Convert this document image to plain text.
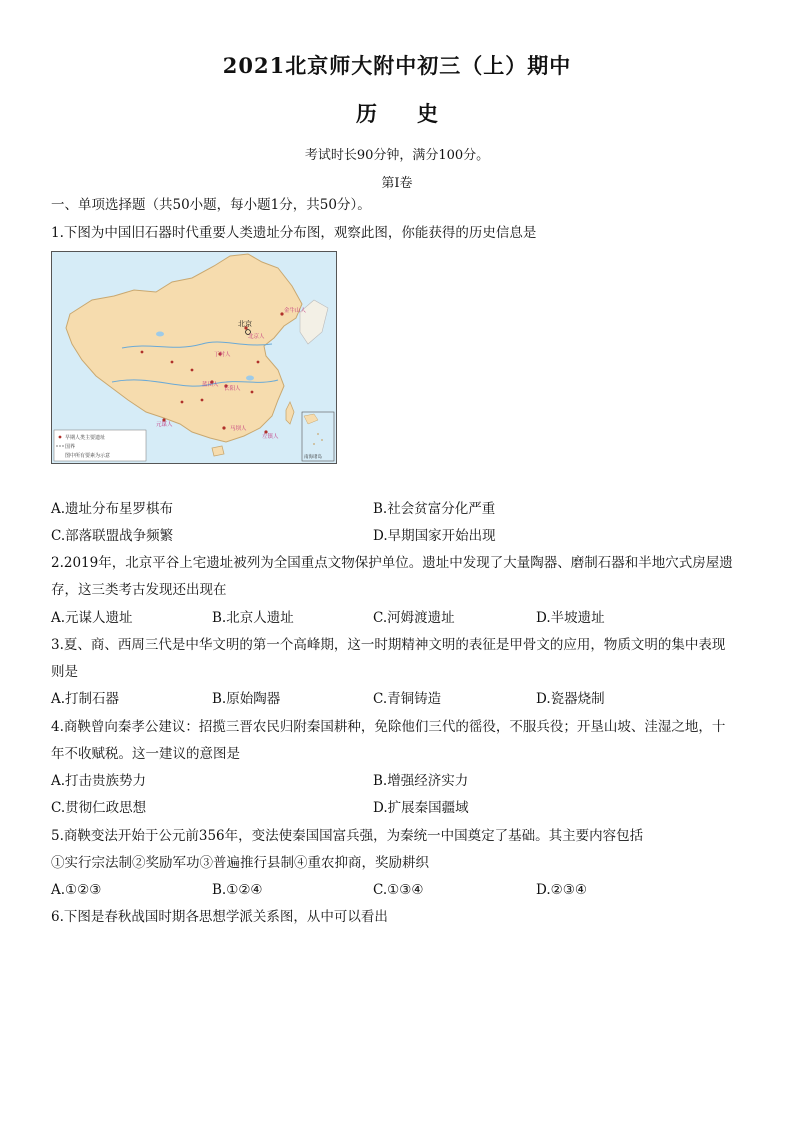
2021北京师大附中初三（上）期中
历 史
考试时长90分钟，满分100分。
第Ⅰ卷
一、单项选择题（共50小题，每小题1分，共50分）。
1.下图为中国旧石器时代重要人类遗址分布图，观察此图，你能获得的历史信息是
北京
金牛山人
丁村人
蓝田人
北京人
长阳人
马坝人
左镇人
元谋人
早期人类主要遗址
国界
图中所有要素为示意	南海诸岛
A.遗址分布星罗棋布	B.社会贫富分化严重
C.部落联盟战争频繁	D.早期国家开始出现
2.2019年，北京平谷上宅遗址被列为全国重点文物保护单位。遗址中发现了大量陶器、磨制石器和半地穴式房屋遗
存，这三类考古发现还出现在
A.元谋人遗址	B.北京人遗址	C.河姆渡遗址	D.半坡遗址
3.夏、商、西周三代是中华文明的第一个高峰期，这一时期精神文明的表征是甲骨文的应用，物质文明的集中表现
则是
A.打制石器	B.原始陶器	C.青铜铸造	D.瓷器烧制
4.商鞅曾向秦孝公建议：招揽三晋农民归附秦国耕种，免除他们三代的徭役，不服兵役；开垦山坡、洼湿之地，十
年不收赋税。这一建议的意图是
A.打击贵族势力	B.增强经济实力
C.贯彻仁政思想	D.扩展秦国疆域
5.商鞅变法开始于公元前356年，变法使秦国国富兵强，为秦统一中国奠定了基础。其主要内容包括
①实行宗法制②奖励军功③普遍推行县制④重农抑商，奖励耕织
A.①②③	B.①②④	C.①③④	D.②③④
6.下图是春秋战国时期各思想学派关系图，从中可以看出
